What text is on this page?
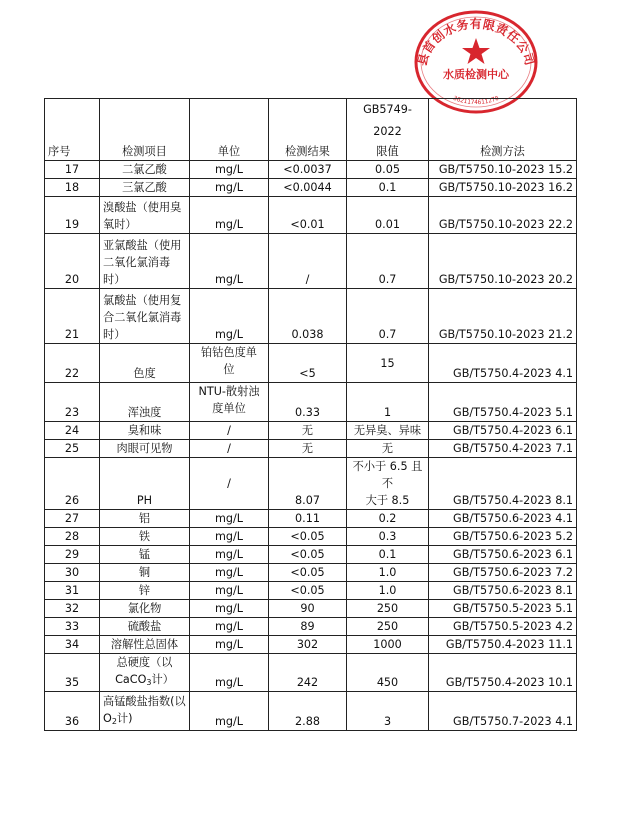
县首创水务有限责任公司
水质检测中心
3621174611270
序号	检测项目	单位	检测结果	GB5749-2022
限值	检测方法
17	二氯乙酸	mg/L	<0.0037	0.05	GB/T5750.10-2023 15.2
18	三氯乙酸	mg/L	<0.0044	0.1	GB/T5750.10-2023 16.2
19	溴酸盐（使用臭
氧时）	mg/L	<0.01	0.01	GB/T5750.10-2023 22.2
20	亚氯酸盐（使用
二氧化氯消毒
时）	mg/L	/	0.7	GB/T5750.10-2023 20.2
21	氯酸盐（使用复
合二氧化氯消毒
时）	mg/L	0.038	0.7	GB/T5750.10-2023 21.2
22	色度	铂钴色度单
位	<5	15	GB/T5750.4-2023 4.1
23	浑浊度	NTU-散射浊
度单位	0.33	1	GB/T5750.4-2023 5.1
24	臭和味	/	无	无异臭、异味	GB/T5750.4-2023 6.1
25	肉眼可见物	/	无	无	GB/T5750.4-2023 7.1
26	PH	/	8.07	不小于 6.5 且不
大于 8.5	GB/T5750.4-2023 8.1
27	铝	mg/L	0.11	0.2	GB/T5750.6-2023 4.1
28	铁	mg/L	<0.05	0.3	GB/T5750.6-2023 5.2
29	锰	mg/L	<0.05	0.1	GB/T5750.6-2023 6.1
30	铜	mg/L	<0.05	1.0	GB/T5750.6-2023 7.2
31	锌	mg/L	<0.05	1.0	GB/T5750.6-2023 8.1
32	氯化物	mg/L	90	250	GB/T5750.5-2023 5.1
33	硫酸盐	mg/L	89	250	GB/T5750.5-2023 4.2
34	溶解性总固体	mg/L	302	1000	GB/T5750.4-2023 11.1
35	总硬度（以
CaCO$_3$计）	mg/L	242	450	GB/T5750.4-2023 10.1
36	高锰酸盐指数(以
$O_2$计)	mg/L	2.88	3	GB/T5750.7-2023 4.1
